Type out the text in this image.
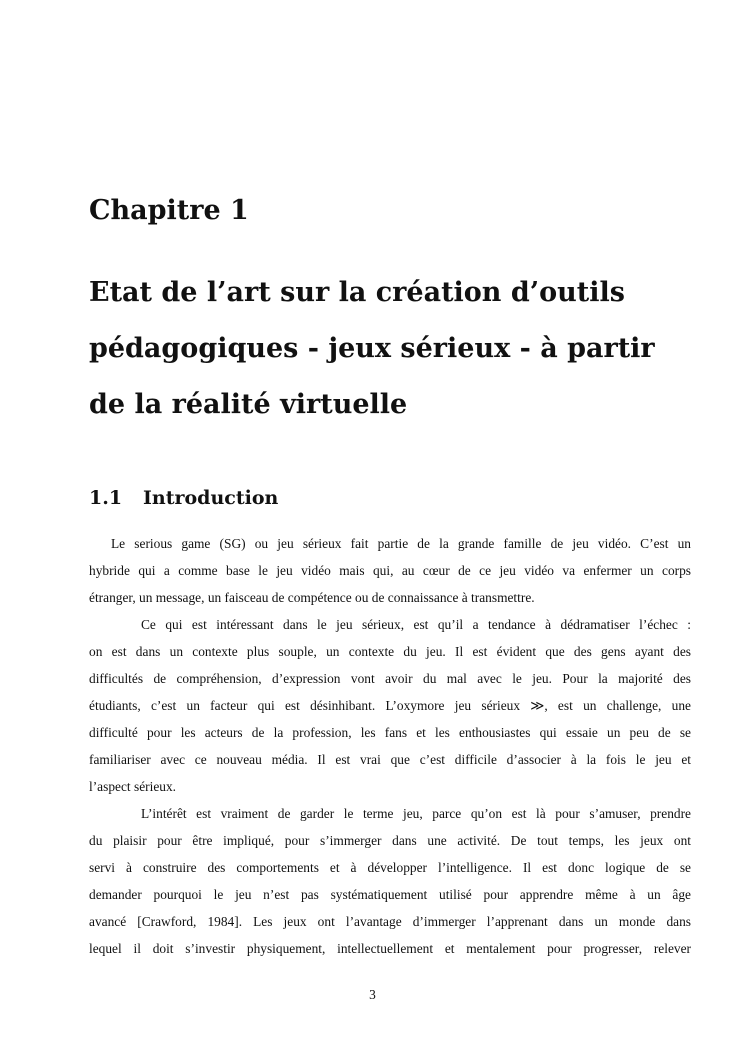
Chapitre 1
Etat de l’art sur la création d’outils
pédagogiques - jeux sérieux - à partir
de la réalité virtuelle
1.1 Introduction
Le serious game (SG) ou jeu sérieux fait partie de la grande famille de jeu vidéo. C’est un
hybride qui a comme base le jeu vidéo mais qui, au cœur de ce jeu vidéo va enfermer un corps
étranger, un message, un faisceau de compétence ou de connaissance à transmettre.
Ce qui est intéressant dans le jeu sérieux, est qu’il a tendance à dédramatiser l’échec :
on est dans un contexte plus souple, un contexte du jeu. Il est évident que des gens ayant des
difficultés de compréhension, d’expression vont avoir du mal avec le jeu. Pour la majorité des
étudiants, c’est un facteur qui est désinhibant. L’oxymore jeu sérieux ≫, est un challenge, une
difficulté pour les acteurs de la profession, les fans et les enthousiastes qui essaie un peu de se
familiariser avec ce nouveau média. Il est vrai que c’est difficile d’associer à la fois le jeu et
l’aspect sérieux.
L’intérêt est vraiment de garder le terme jeu, parce qu’on est là pour s’amuser, prendre
du plaisir pour être impliqué, pour s’immerger dans une activité. De tout temps, les jeux ont
servi à construire des comportements et à développer l’intelligence. Il est donc logique de se
demander pourquoi le jeu n’est pas systématiquement utilisé pour apprendre même à un âge
avancé [Crawford, 1984]. Les jeux ont l’avantage d’immerger l’apprenant dans un monde dans
lequel il doit s’investir physiquement, intellectuellement et mentalement pour progresser, relever
3
